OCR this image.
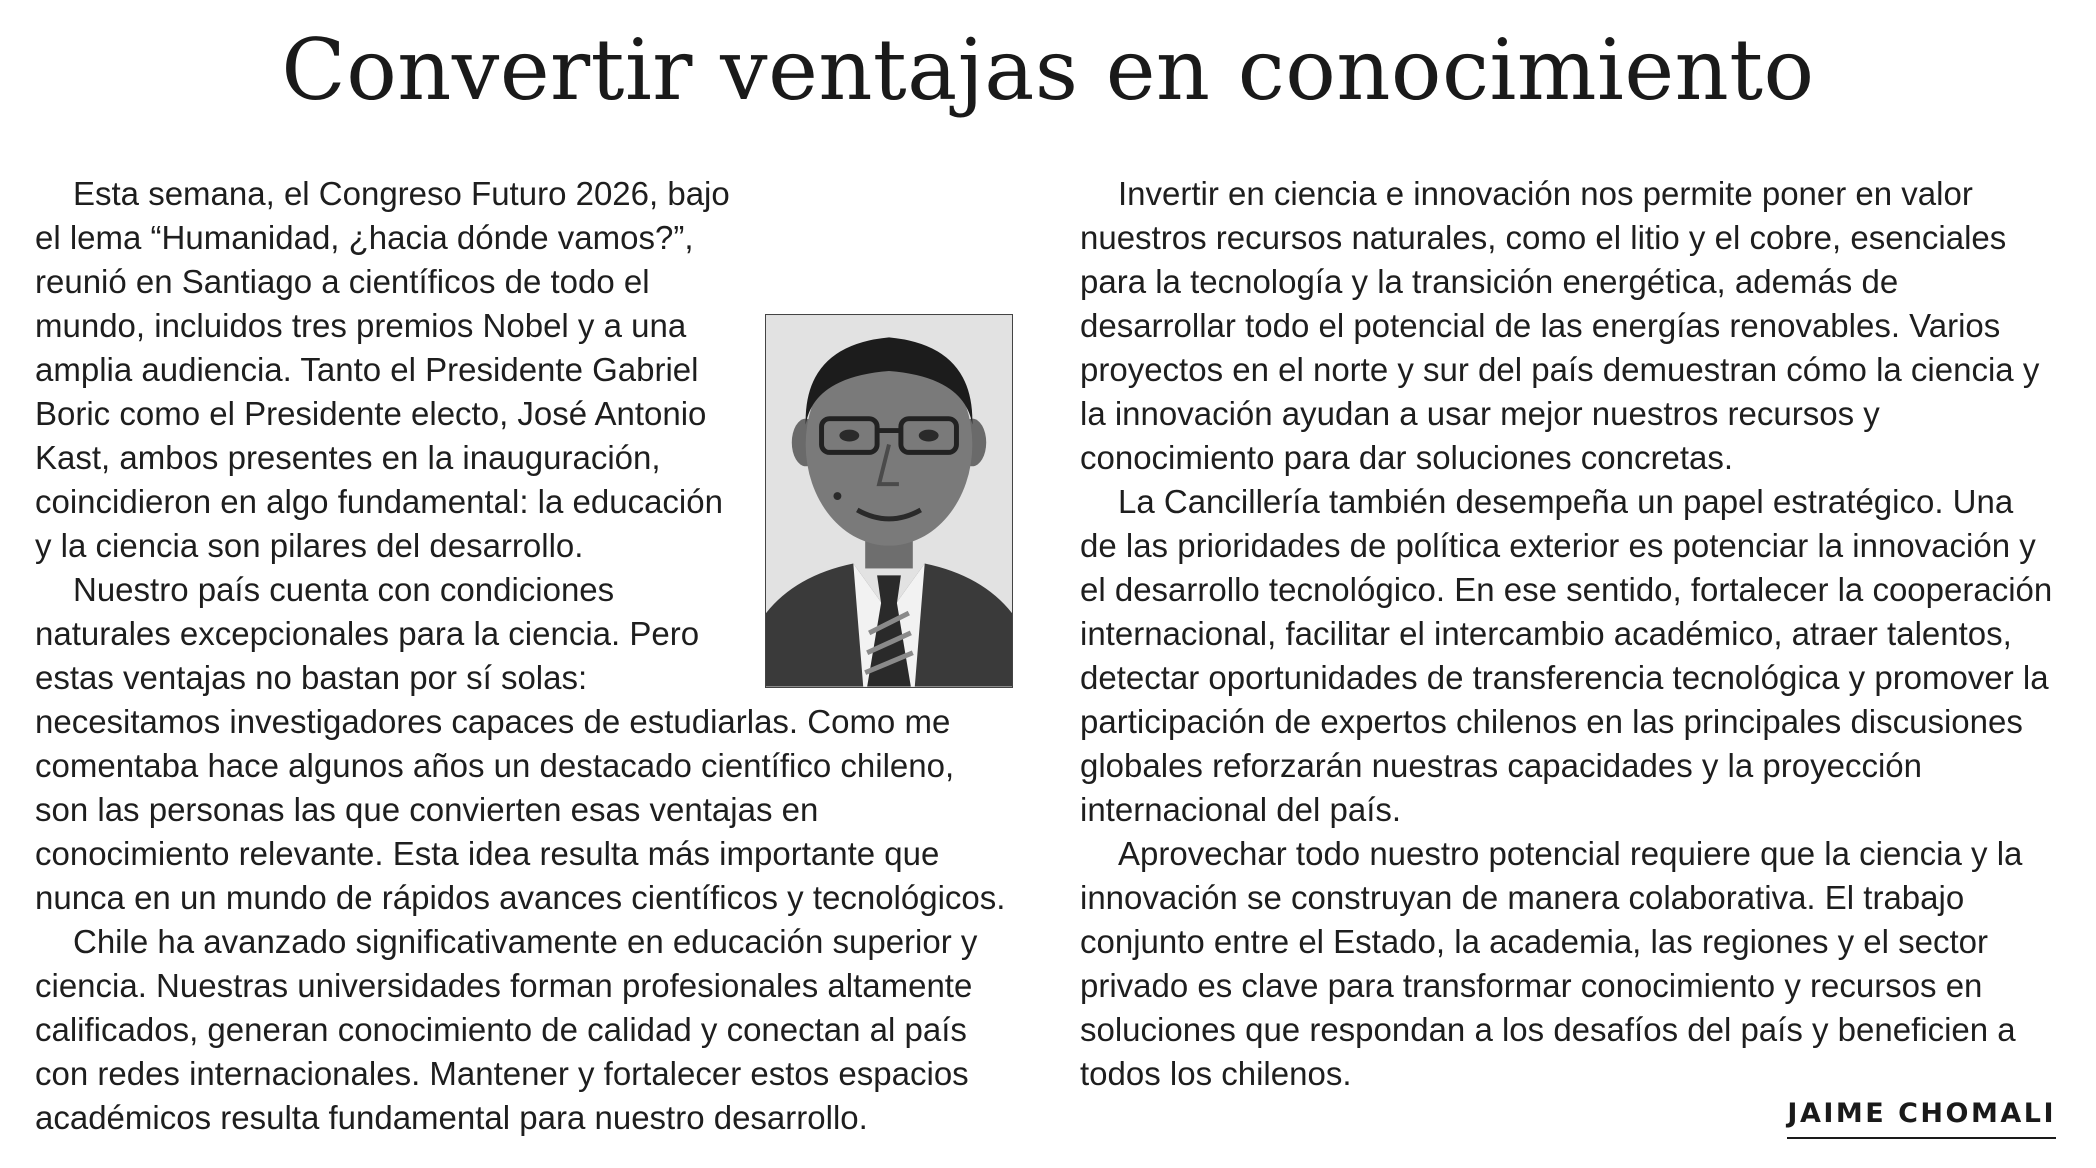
Convertir ventajas en conocimiento

Esta semana, el Congreso Futuro 2026, bajo el lema “Humanidad, ¿hacia dónde vamos?”, reunió en Santiago a científicos de todo el mundo, incluidos tres premios Nobel y a una amplia audiencia. Tanto el Presidente Gabriel Boric como el Presidente electo, José Antonio Kast, ambos presentes en la inauguración, coincidieron en algo fundamental: la educación y la ciencia son pilares del desarrollo.

Nuestro país cuenta con condiciones naturales excepcionales para la ciencia. Pero estas ventajas no bastan por sí solas: necesitamos investigadores capaces de estudiarlas. Como me comentaba hace algunos años un destacado científico chileno, son las personas las que convierten esas ventajas en conocimiento relevante. Esta idea resulta más importante que nunca en un mundo de rápidos avances científicos y tecnológicos.

Chile ha avanzado significativamente en educación superior y ciencia. Nuestras universidades forman profesionales altamente calificados, generan conocimiento de calidad y conectan al país con redes internacionales. Mantener y fortalecer estos espacios académicos resulta fundamental para nuestro desarrollo.

Invertir en ciencia e innovación nos permite poner en valor nuestros recursos naturales, como el litio y el cobre, esenciales para la tecnología y la transición energética, además de desarrollar todo el potencial de las energías renovables. Varios proyectos en el norte y sur del país demuestran cómo la ciencia y la innovación ayudan a usar mejor nuestros recursos y conocimiento para dar soluciones concretas.

La Cancillería también desempeña un papel estratégico. Una de las prioridades de política exterior es potenciar la innovación y el desarrollo tecnológico. En ese sentido, fortalecer la cooperación internacional, facilitar el intercambio académico, atraer talentos, detectar oportunidades de transferencia tecnológica y promover la participación de expertos chilenos en las principales discusiones globales reforzarán nuestras capacidades y la proyección internacional del país.

Aprovechar todo nuestro potencial requiere que la ciencia y la innovación se construyan de manera colaborativa. El trabajo conjunto entre el Estado, la academia, las regiones y el sector privado es clave para transformar conocimiento y recursos en soluciones que respondan a los desafíos del país y beneficien a todos los chilenos.

JAIME CHOMALI
